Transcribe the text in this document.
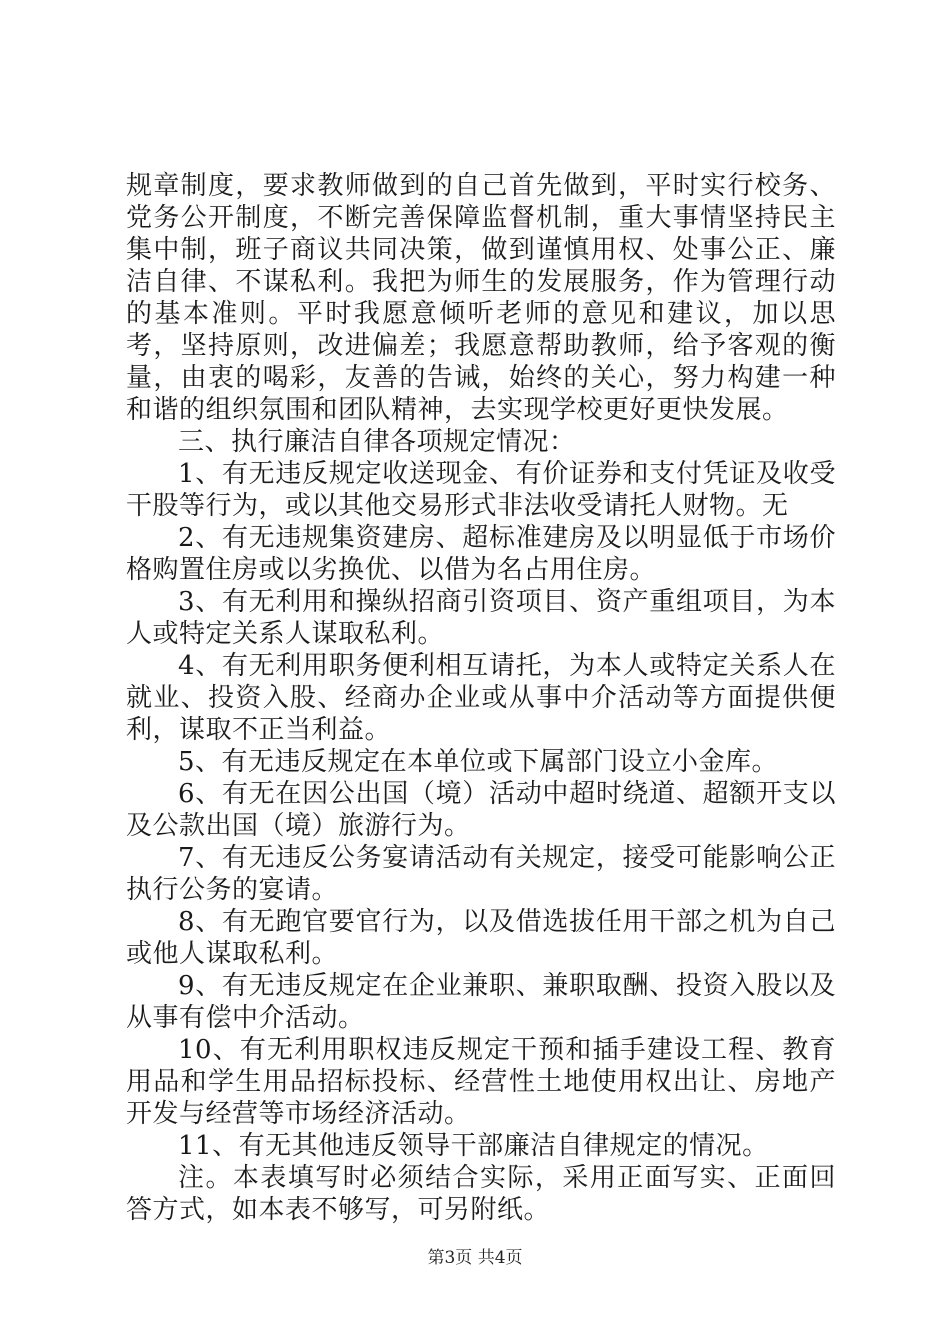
规章制度，要求教师做到的自己首先做到，平时实行校务、党务公开制度，不断完善保障监督机制，重大事情坚持民主集中制，班子商议共同决策，做到谨慎用权、处事公正、廉洁自律、不谋私利。我把为师生的发展服务，作为管理行动的基本准则。平时我愿意倾听老师的意见和建议，加以思考，坚持原则，改进偏差；我愿意帮助教师，给予客观的衡量，由衷的喝彩，友善的告诫，始终的关心，努力构建一种和谐的组织氛围和团队精神，去实现学校更好更快发展。

三、执行廉洁自律各项规定情况：

1、有无违反规定收送现金、有价证券和支付凭证及收受干股等行为，或以其他交易形式非法收受请托人财物。无

2、有无违规集资建房、超标准建房及以明显低于市场价格购置住房或以劣换优、以借为名占用住房。

3、有无利用和操纵招商引资项目、资产重组项目，为本人或特定关系人谋取私利。

4、有无利用职务便利相互请托，为本人或特定关系人在就业、投资入股、经商办企业或从事中介活动等方面提供便利，谋取不正当利益。

5、有无违反规定在本单位或下属部门设立小金库。

6、有无在因公出国（境）活动中超时绕道、超额开支以及公款出国（境）旅游行为。

7、有无违反公务宴请活动有关规定，接受可能影响公正执行公务的宴请。

8、有无跑官要官行为，以及借选拔任用干部之机为自己或他人谋取私利。

9、有无违反规定在企业兼职、兼职取酬、投资入股以及从事有偿中介活动。

10、有无利用职权违反规定干预和插手建设工程、教育用品和学生用品招标投标、经营性土地使用权出让、房地产开发与经营等市场经济活动。

11、有无其他违反领导干部廉洁自律规定的情况。

注。本表填写时必须结合实际，采用正面写实、正面回答方式，如本表不够写，可另附纸。

第3页 共4页
